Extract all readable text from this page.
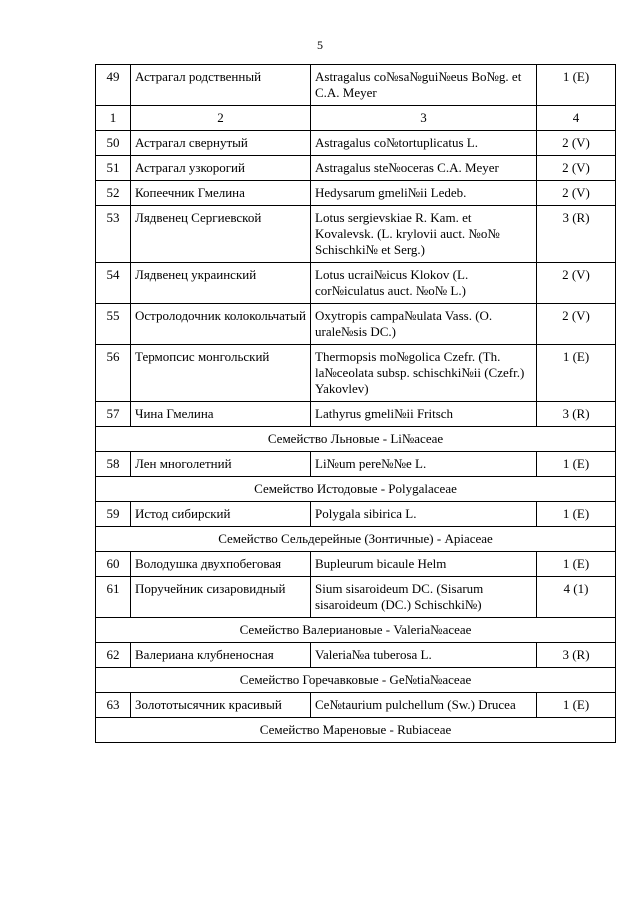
5
49	Астрагал родственный	Astragalus co№sa№gui№eus Bo№g. et C.A. Meyer	1 (E)
1	2	3	4
50	Астрагал свернутый	Astragalus co№tortuplicatus L.	2 (V)
51	Астрагал узкорогий	Astragalus ste№oceras C.A. Meyer	2 (V)
52	Копеечник Гмелина	Hedysarum gmeli№ii Ledeb.	2 (V)
53	Лядвенец Сергиевской	Lotus sergievskiae R. Kam. et Kovalevsk. (L. krylovii auct. №o№ Schischki№ et Serg.)	3 (R)
54	Лядвенец украинский	Lotus ucrai№icus Klokov (L. cor№iculatus auct. №o№ L.)	2 (V)
55	Остролодочник колокольчатый	Oxytropis campa№ulata Vass. (O. urale№sis DC.)	2 (V)
56	Термопсис монгольский	Thermopsis mo№golica Czefr. (Th. la№ceolata subsp. schischki№ii (Czefr.) Yakovlev)	1 (E)
57	Чина Гмелина	Lathyrus gmeli№ii Fritsch	3 (R)
Семейство Льновые - Li№aceae			
58	Лен многолетний	Li№um pere№№e L.	1 (E)
Семейство Истодовые - Polygalaceae			
59	Истод сибирский	Polygala sibirica L.	1 (E)
Семейство Сельдерейные (Зонтичные) - Apiaceae			
60	Володушка двухпобеговая	Bupleurum bicaule Helm	1 (E)
61	Поручейник сизаровидный	Sium sisaroideum DC. (Sisarum sisaroideum (DC.) Schischki№)	4 (1)
Семейство Валериановые - Valeria№aceae			
62	Валериана клубненосная	Valeria№a tuberosa L.	3 (R)
Семейство Горечавковые - Ge№tia№aceae			
63	Золототысячник красивый	Ce№taurium pulchellum (Sw.) Drucea	1 (E)
Семейство Мареновые - Rubiaceae			
